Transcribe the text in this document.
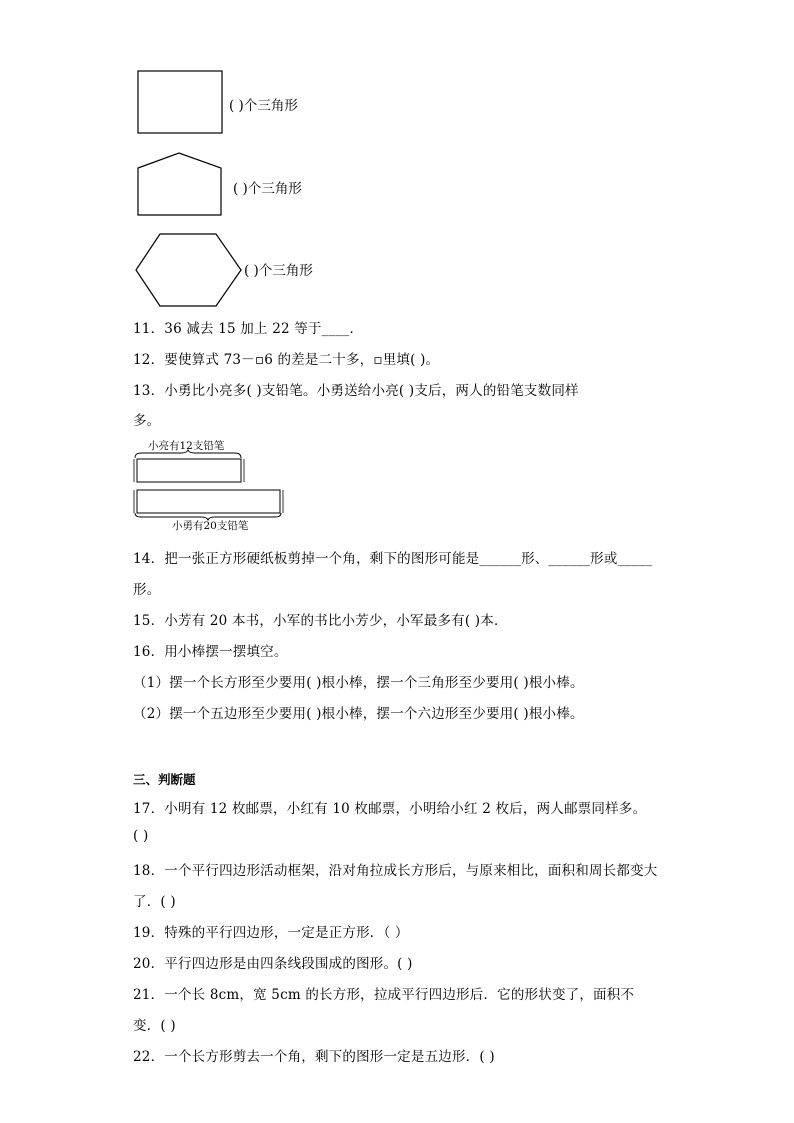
( )个三角形
( )个三角形
( )个三角形
11．36 减去 15 加上 22 等于____．
12．要使算式 73－▫6 的差是二十多，▫里填( )。
13．小勇比小亮多( )支铅笔。小勇送给小亮( )支后，两人的铅笔支数同样
多。
小亮有12支铅笔
小勇有20支铅笔
14．把一张正方形硬纸板剪掉一个角，剩下的图形可能是______形、______形或_____
形。
15．小芳有 20 本书，小军的书比小芳少，小军最多有( )本．
16．用小棒摆一摆填空。
（1）摆一个长方形至少要用( )根小棒，摆一个三角形至少要用( )根小棒。
（2）摆一个五边形至少要用( )根小棒，摆一个六边形至少要用( )根小棒。
三、判断题
17．小明有 12 枚邮票，小红有 10 枚邮票，小明给小红 2 枚后，两人邮票同样多。
( )
18．一个平行四边形活动框架，沿对角拉成长方形后，与原来相比，面积和周长都变大
了．( )
19．特殊的平行四边形，一定是正方形．（ ）
20．平行四边形是由四条线段围成的图形。( )
21．一个长 8cm，宽 5cm 的长方形，拉成平行四边形后．它的形状变了，面积不
变．( )
22．一个长方形剪去一个角，剩下的图形一定是五边形．( )
